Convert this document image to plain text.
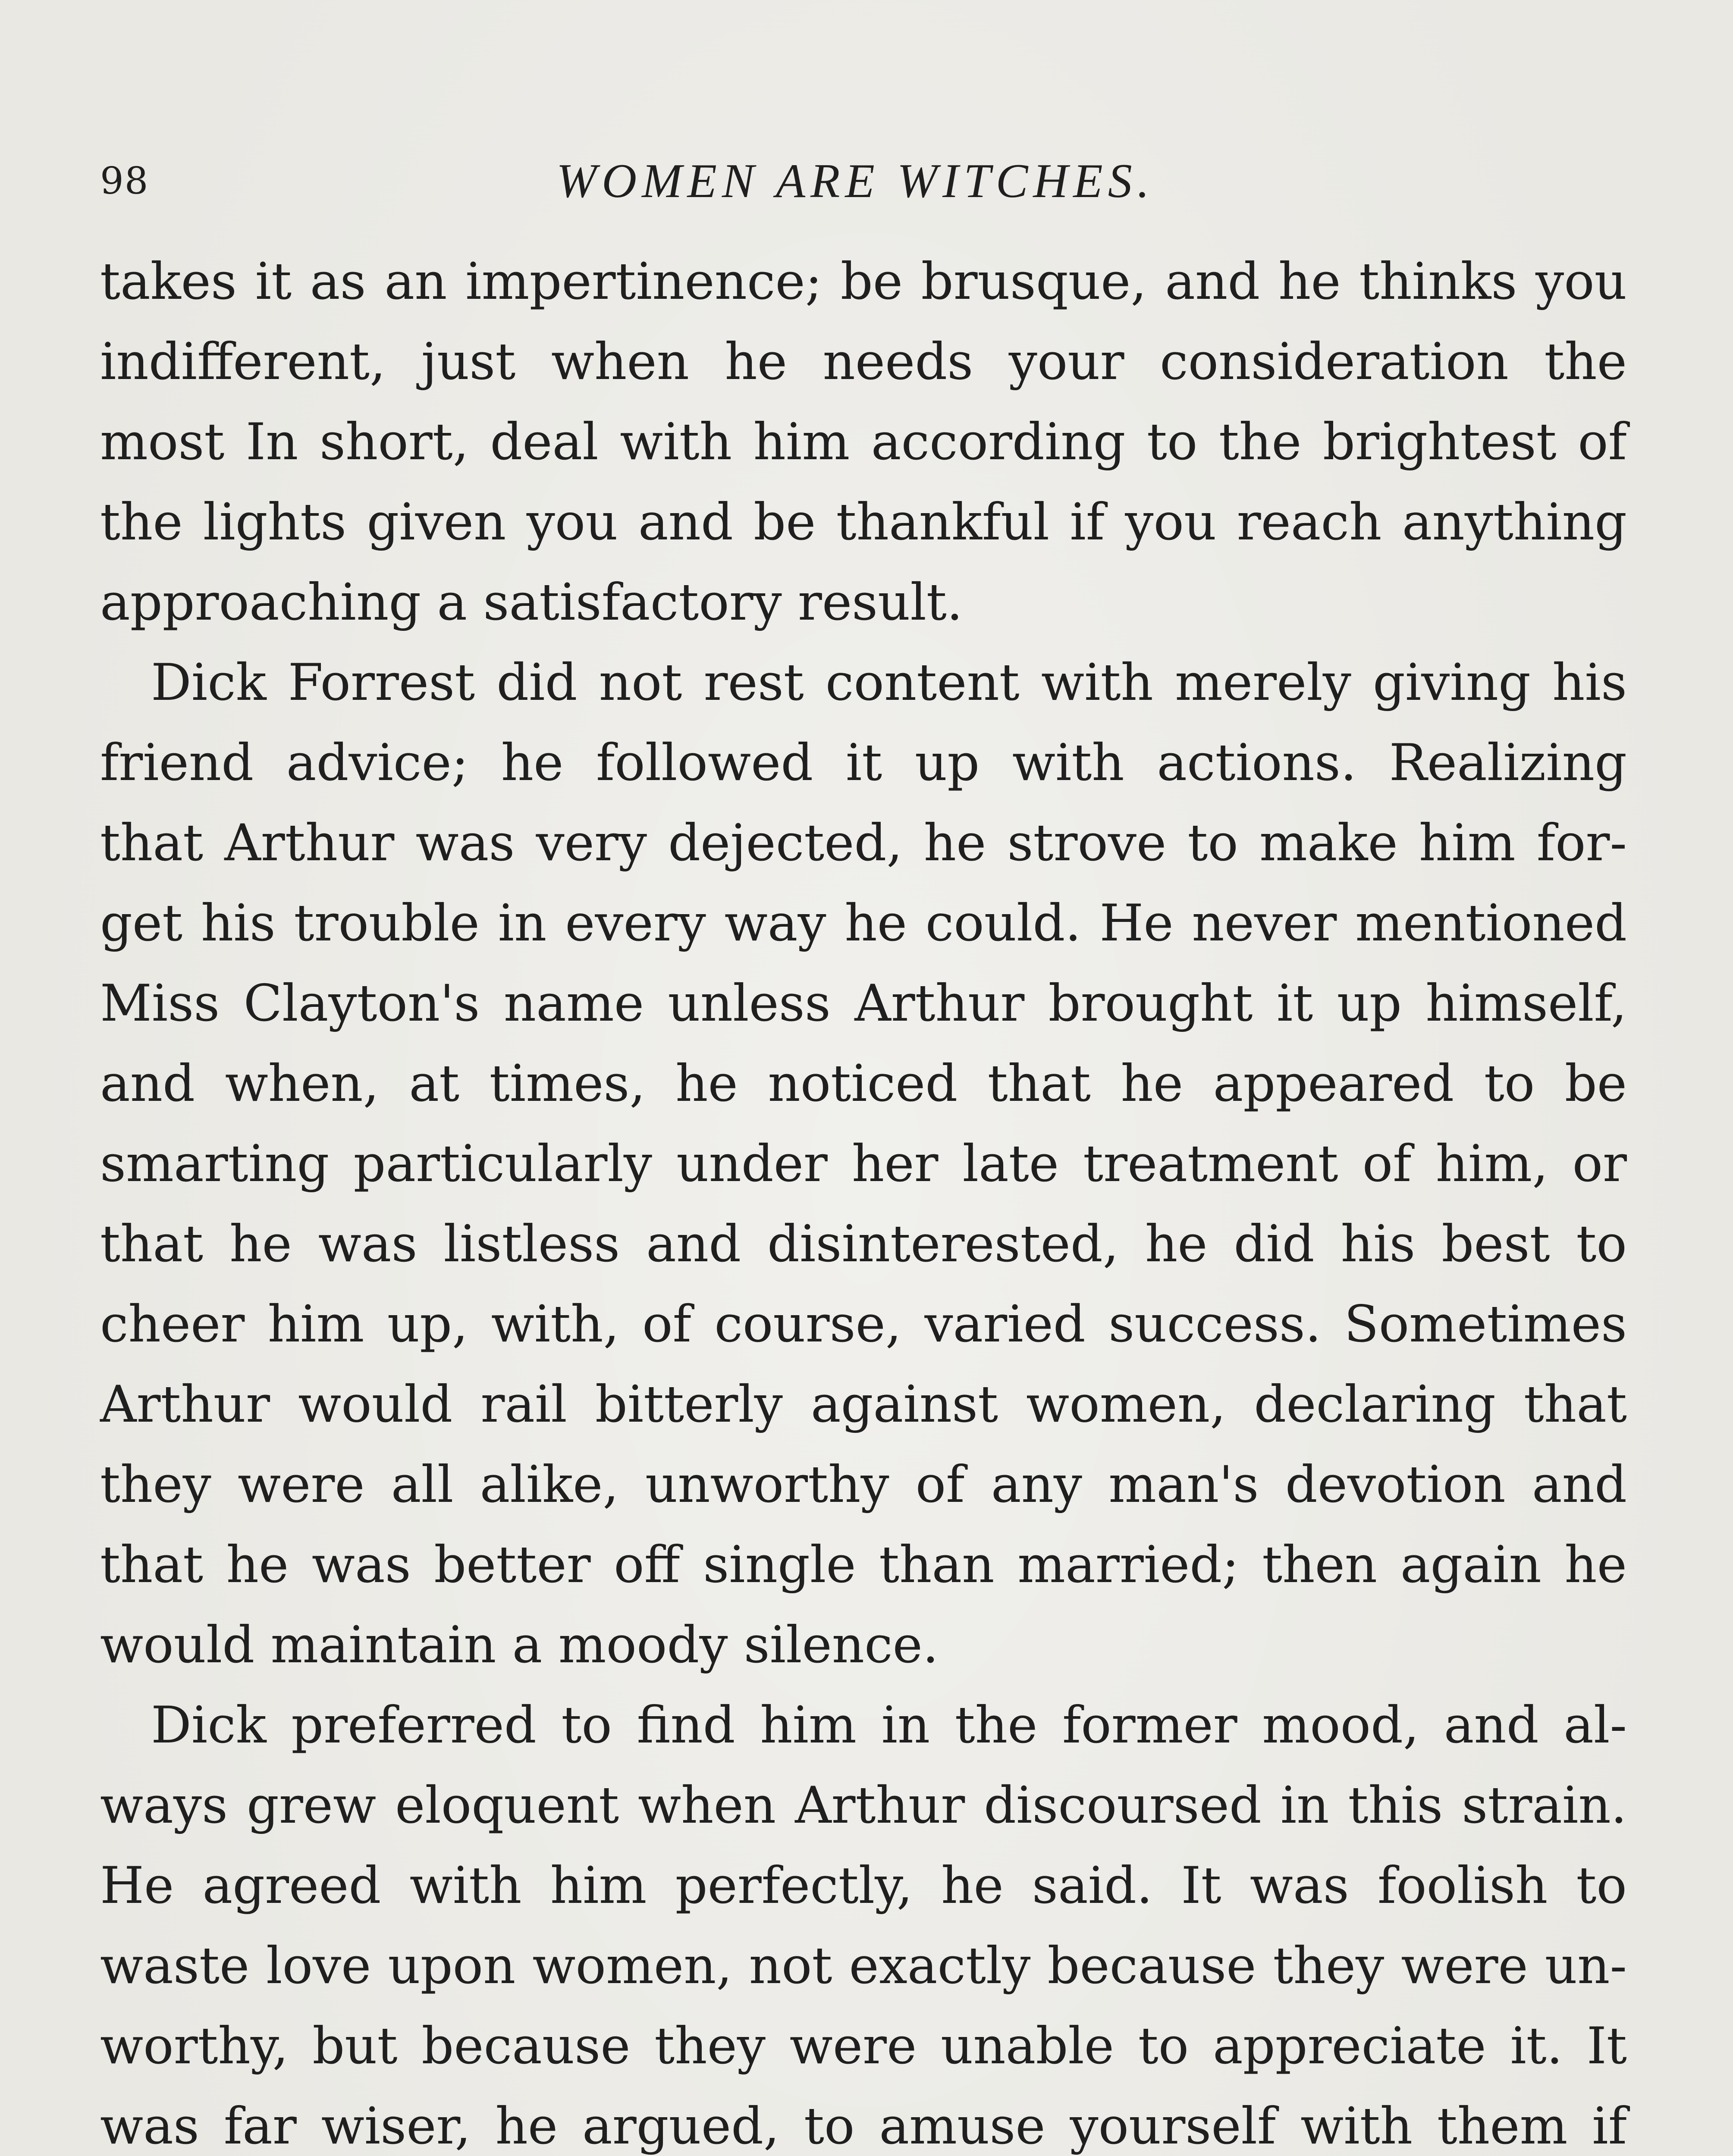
98	WOMEN ARE WITCHES.
takes it as an impertinence; be brusque, and he thinks you
indifferent, just when he needs your consideration the
most In short, deal with him according to the brightest of
the lights given you and be thankful if you reach anything
approaching a satisfactory result.
Dick Forrest did not rest content with merely giving his
friend advice; he followed it up with actions. Realizing
that Arthur was very dejected, he strove to make him for-
get his trouble in every way he could. He never mentioned
Miss Clayton's name unless Arthur brought it up himself,
and when, at times, he noticed that he appeared to be
smarting particularly under her late treatment of him, or
that he was listless and disinterested, he did his best to
cheer him up, with, of course, varied success. Sometimes
Arthur would rail bitterly against women, declaring that
they were all alike, unworthy of any man's devotion and
that he was better off single than married; then again he
would maintain a moody silence.
Dick preferred to find him in the former mood, and al-
ways grew eloquent when Arthur discoursed in this strain.
He agreed with him perfectly, he said. It was foolish to
waste love upon women, not exactly because they were un-
worthy, but because they were unable to appreciate it. It
was far wiser, he argued, to amuse yourself with them if
